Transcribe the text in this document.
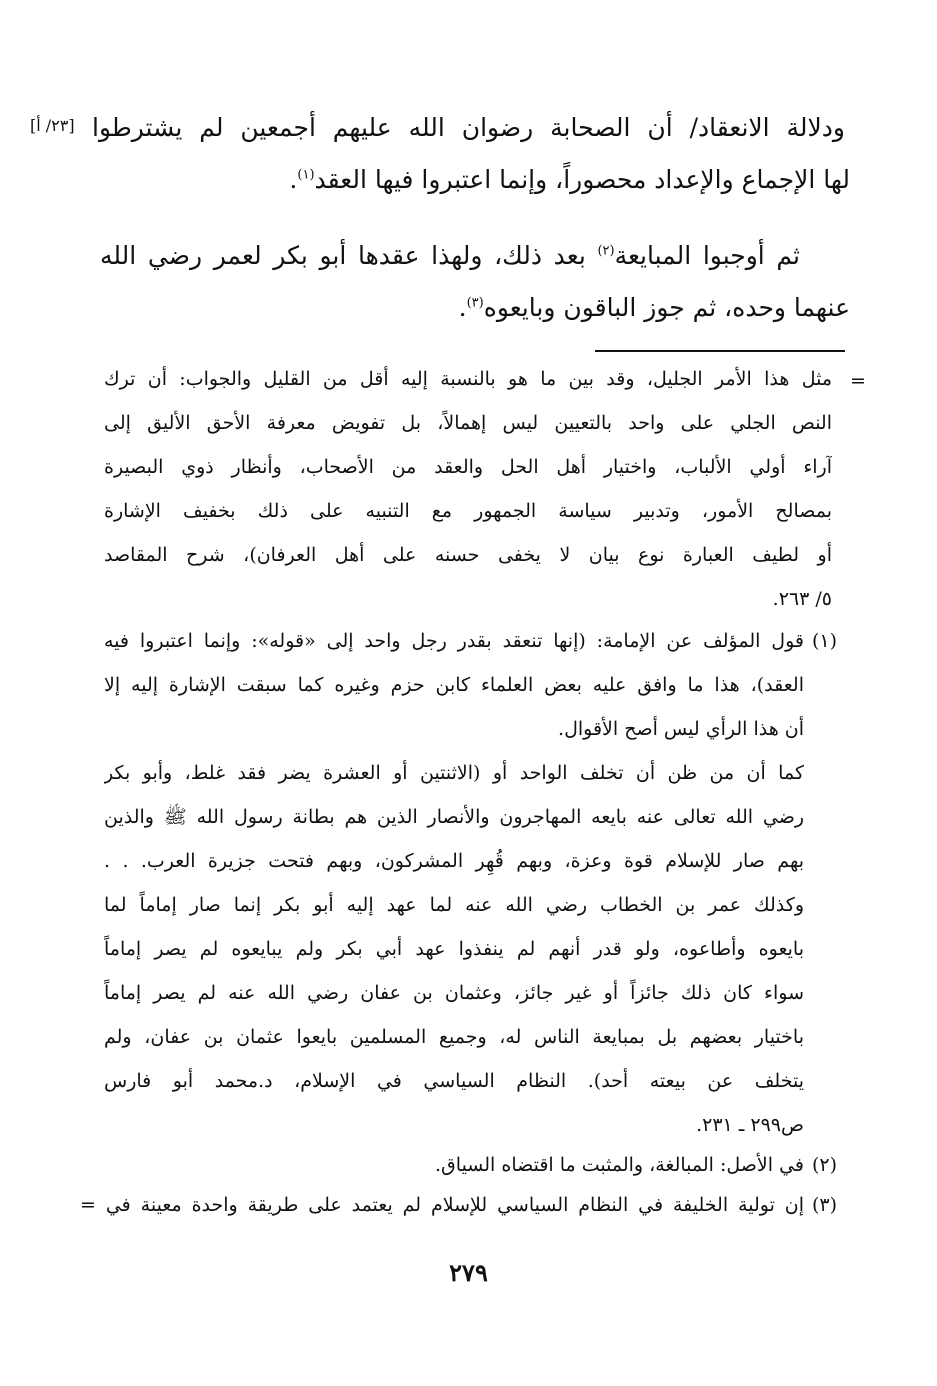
[٢٣/ أ] ودلالة الانعقاد/ أن الصحابة رضوان الله عليهم أجمعين لم يشترطوا
لها الإجماع والإعداد محصوراً، وإنما اعتبروا فيها العقد$^{(١)}$.
ثم أوجبوا المبايعة$^{(٢)}$ بعد ذلك، ولهذا عقدها أبو بكر لعمر رضي الله
عنهما وحده، ثم جوز الباقون وبايعوه$^{(٣)}$.
=
مثل هذا الأمر الجليل، وقد بين ما هو بالنسبة إليه أقل من القليل والجواب: أن ترك
النص الجلي على واحد بالتعيين ليس إهمالاً، بل تفويض معرفة الأحق الأليق إلى
آراء أولي الألباب، واختيار أهل الحل والعقد من الأصحاب، وأنظار ذوي البصيرة
بمصالح الأمور، وتدبير سياسة الجمهور مع التنبيه على ذلك بخفيف الإشارة
أو لطيف العبارة نوع بيان لا يخفى حسنه على أهل العرفان)، شرح المقاصد
٥/ ٢٦٣.
(١)
قول المؤلف عن الإمامة: (إنها تنعقد بقدر رجل واحد إلى «قوله»: وإنما اعتبروا فيه
العقد)، هذا ما وافق عليه بعض العلماء كابن حزم وغيره كما سبقت الإشارة إليه إلا
أن هذا الرأي ليس أصح الأقوال.
كما أن من ظن أن تخلف الواحد أو (الاثنتين أو العشرة يضر فقد غلط، وأبو بكر
رضي الله تعالى عنه بايعه المهاجرون والأنصار الذين هم بطانة رسول الله ﷺ والذين
بهم صار للإسلام قوة وعزة، وبهم قُهِر المشركون، وبهم فتحت جزيرة العرب. . .
وكذلك عمر بن الخطاب رضي الله عنه لما عهد إليه أبو بكر إنما صار إماماً لما
بايعوه وأطاعوه، ولو قدر أنهم لم ينفذوا عهد أبي بكر ولم يبايعوه لم يصر إماماً
سواء كان ذلك جائزاً أو غير جائز، وعثمان بن عفان رضي الله عنه لم يصر إماماً
باختيار بعضهم بل بمبايعة الناس له، وجميع المسلمين بايعوا عثمان بن عفان، ولم
يتخلف عن بيعته أحد). النظام السياسي في الإسلام، د.محمد أبو فارس
ص٢٩٩ ـ ٢٣١.
(٢)
في الأصل: المبالغة، والمثبت ما اقتضاه السياق.
(٣)
إن تولية الخليفة في النظام السياسي للإسلام لم يعتمد على طريقة واحدة معينة في =
٢٧٩
